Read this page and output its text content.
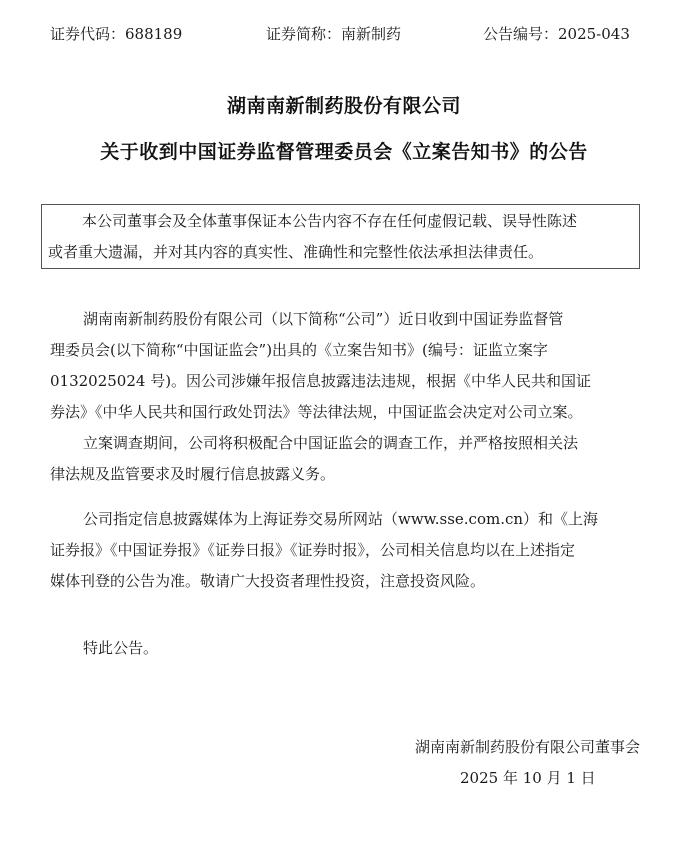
证券代码：688189	证券简称：南新制药	公告编号：2025-043
湖南南新制药股份有限公司
关于收到中国证券监督管理委员会《立案告知书》的公告
本公司董事会及全体董事保证本公告内容不存在任何虚假记载、误导性陈述
或者重大遗漏，并对其内容的真实性、准确性和完整性依法承担法律责任。
湖南南新制药股份有限公司（以下简称“公司”）近日收到中国证券监督管
理委员会(以下简称“中国证监会”)出具的《立案告知书》(编号：证监立案字
0132025024 号)。因公司涉嫌年报信息披露违法违规，根据《中华人民共和国证
券法》《中华人民共和国行政处罚法》等法律法规，中国证监会决定对公司立案。
立案调查期间，公司将积极配合中国证监会的调查工作，并严格按照相关法
律法规及监管要求及时履行信息披露义务。
公司指定信息披露媒体为上海证券交易所网站（www.sse.com.cn）和《上海
证券报》《中国证券报》《证券日报》《证券时报》，公司相关信息均以在上述指定
媒体刊登的公告为准。敬请广大投资者理性投资，注意投资风险。
特此公告。
湖南南新制药股份有限公司董事会
2025 年 10 月 1 日
